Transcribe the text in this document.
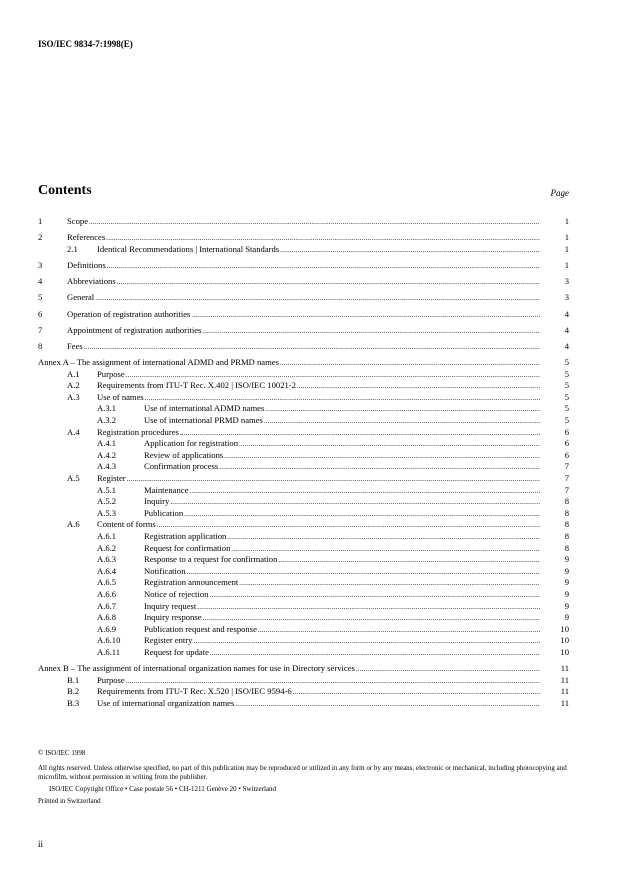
ISO/IEC 9834-7:1998(E)
Contents	Page
1	Scope .....	1
2	References .....	1
2.1 Identical Recommendations | International Standards .....	1
3	Definitions .....	1
4	Abbreviations .....	3
5	General .....	3
6	Operation of registration authorities .....	4
7	Appointment of registration authorities .....	4
8	Fees .....	4
Annex A – The assignment of international ADMD and PRMD names .....	5
A.1 Purpose .....	5
A.2 Requirements from ITU-T Rec. X.402 | ISO/IEC 10021-2 .....	5
A.3 Use of names .....	5
A.3.1	Use of international ADMD names .....	5
A.3.2	Use of international PRMD names .....	5
A.4 Registration procedures .....	6
A.4.1	Application for registration .....	6
A.4.2	Review of applications .....	6
A.4.3	Confirmation process .....	7
A.5 Register .....	7
A.5.1	Maintenance .....	7
A.5.2	Inquiry .....	8
A.5.3	Publication .....	8
A.6 Content of forms .....	8
A.6.1	Registration application .....	8
A.6.2	Request for confirmation .....	8
A.6.3	Response to a request for confirmation .....	9
A.6.4	Notification .....	9
A.6.5	Registration announcement .....	9
A.6.6	Notice of rejection .....	9
A.6.7	Inquiry request .....	9
A.6.8	Inquiry response .....	9
A.6.9	Publication request and response .....	10
A.6.10	Register entry .....	10
A.6.11	Request for update .....	10
Annex B – The assignment of international organization names for use in Directory services .....	11
B.1 Purpose .....	11
B.2 Requirements from ITU-T Rec. X.520 | ISO/IEC 9594-6 .....	11
B.3 Use of international organization names .....	11
© ISO/IEC 1998
All rights reserved. Unless otherwise specified, no part of this publication may be reproduced or utilized in any form or by any means, electronic or mechanical, including photocopying and microfilm, without permission in writing from the publisher.
ISO/IEC Copyright Office • Case postale 56 • CH-1211 Genève 20 • Switzerland
Printed in Switzerland
ii
